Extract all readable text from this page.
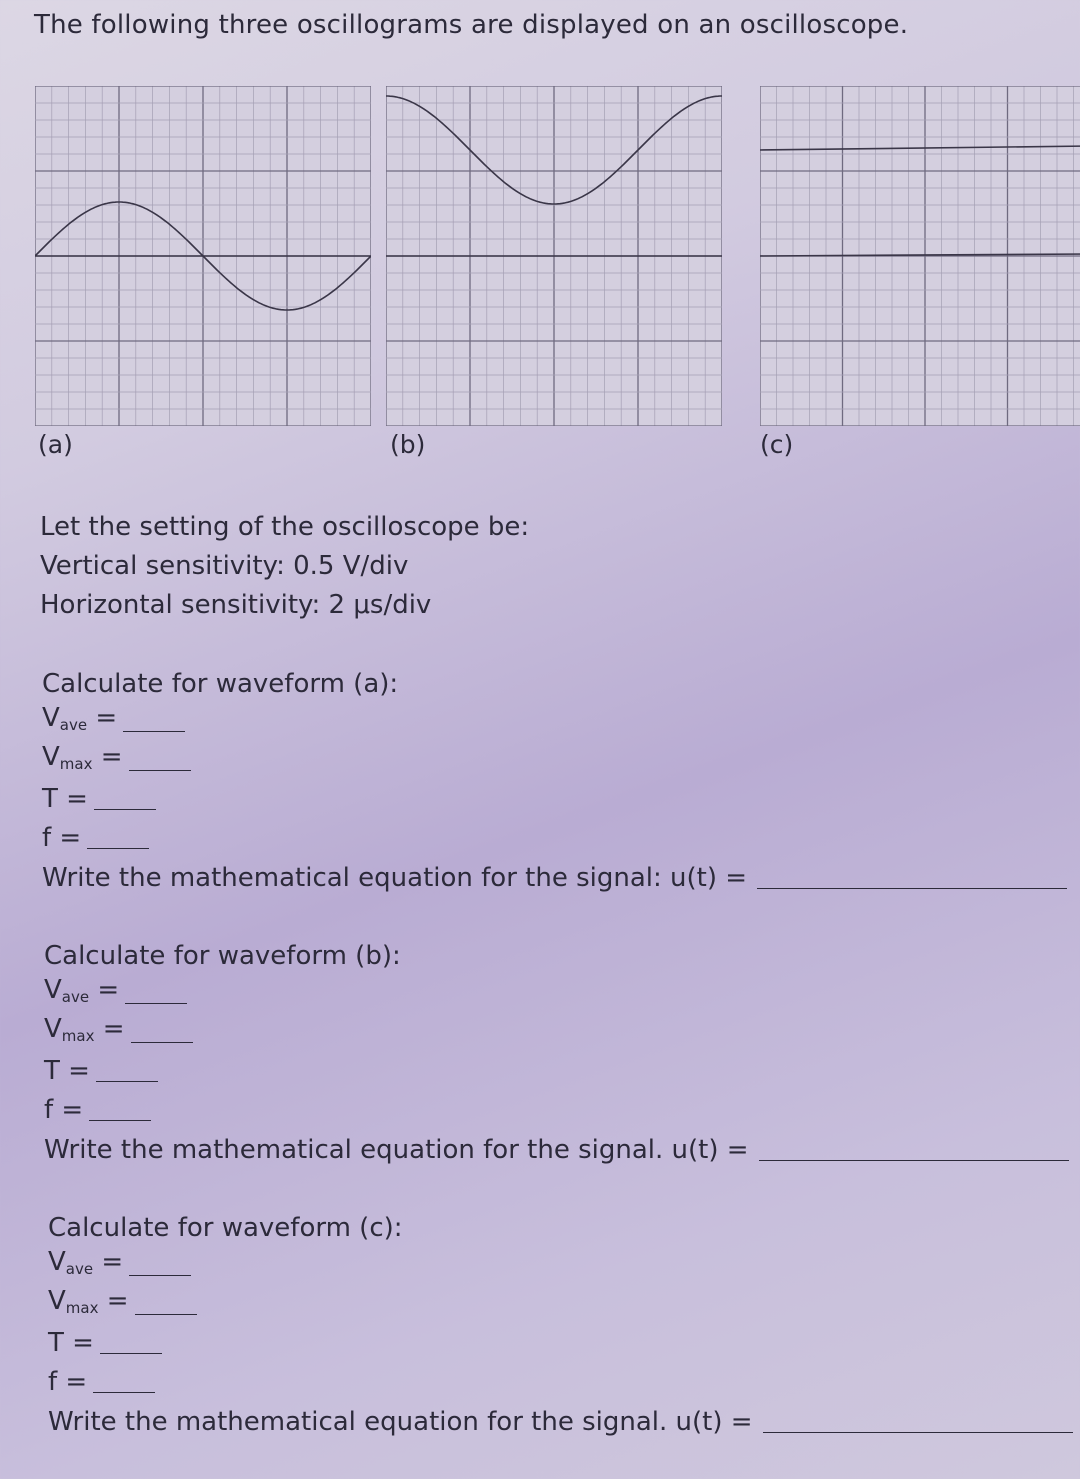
The following three oscillograms are displayed on an oscilloscope.
(a)	(b)	(c)
Let the setting of the oscilloscope be:
Vertical sensitivity: 0.5 V/div
Horizontal sensitivity: 2 μs/div
Calculate for waveform (a):
$V_{ave}$ =
$V_{max}$ =
T =
f =
Write the mathematical equation for the signal: u(t) =
Calculate for waveform (b):
$V_{ave}$ =
$V_{max}$ =
T =
f =
Write the mathematical equation for the signal. u(t) =
Calculate for waveform (c):
$V_{ave}$ =
$V_{max}$ =
T =
f =
Write the mathematical equation for the signal. u(t) =
